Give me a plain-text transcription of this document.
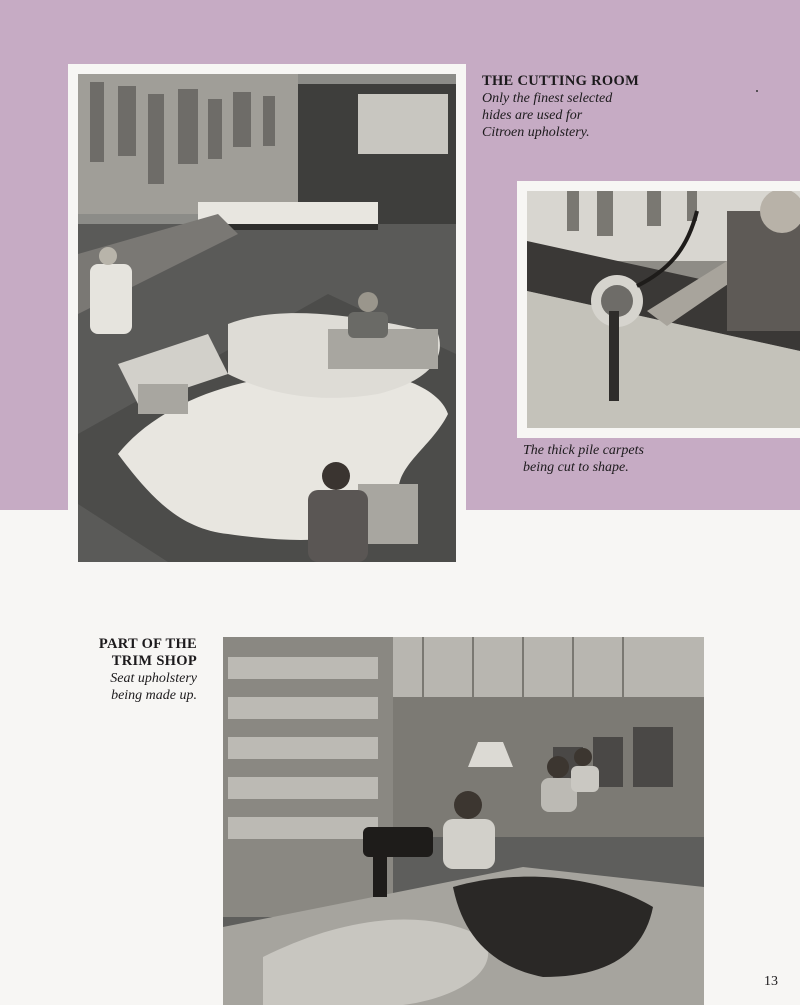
THE CUTTING ROOM
Only the finest selected
hides are used for
Citroen upholstery.
The thick pile carpets
being cut to shape.
PART OF THE
TRIM SHOP
Seat upholstery
being made up.
13
